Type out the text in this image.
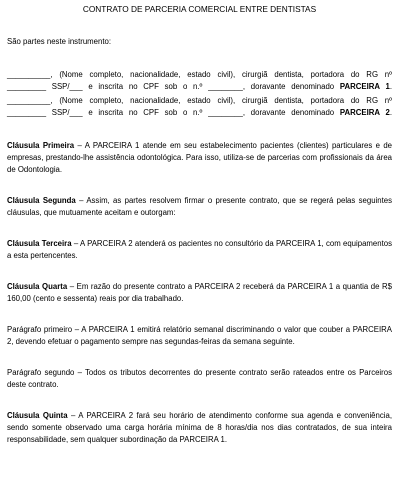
CONTRATO DE PARCERIA COMERCIAL ENTRE DENTISTAS

São partes neste instrumento:

__________, (Nome completo, nacionalidade, estado civil), cirurgiã dentista, portadora do RG nº
_________ SSP/___ e inscrita no CPF sob o n.º ________, doravante denominado PARCEIRA 1.
__________, (Nome completo, nacionalidade, estado civil), cirurgiã dentista, portadora do RG nº
_________ SSP/___ e inscrita no CPF sob o n.º ________, doravante denominado PARCEIRA 2.

Cláusula Primeira – A PARCEIRA 1 atende em seu estabelecimento pacientes (clientes) particulares e de empresas, prestando-lhe assistência odontológica. Para isso, utiliza-se de parcerias com profissionais da área de Odontologia.

Cláusula Segunda – Assim, as partes resolvem firmar o presente contrato, que se regerá pelas seguintes cláusulas, que mutuamente aceitam e outorgam:

Cláusula Terceira – A PARCEIRA 2 atenderá os pacientes no consultório da PARCEIRA 1, com equipamentos a esta pertencentes.

Cláusula Quarta – Em razão do presente contrato a PARCEIRA 2 receberá da PARCEIRA 1 a quantia de R$ 160,00 (cento e sessenta) reais por dia trabalhado.

Parágrafo primeiro – A PARCEIRA 1 emitirá relatório semanal discriminando o valor que couber a PARCEIRA 2, devendo efetuar o pagamento sempre nas segundas-feiras da semana seguinte.

Parágrafo segundo – Todos os tributos decorrentes do presente contrato serão rateados entre os Parceiros deste contrato.

Cláusula Quinta – A PARCEIRA 2 fará seu horário de atendimento conforme sua agenda e conveniência, sendo somente observado uma carga horária mínima de 8 horas/dia nos dias contratados, de sua inteira responsabilidade, sem qualquer subordinação da PARCEIRA 1.
